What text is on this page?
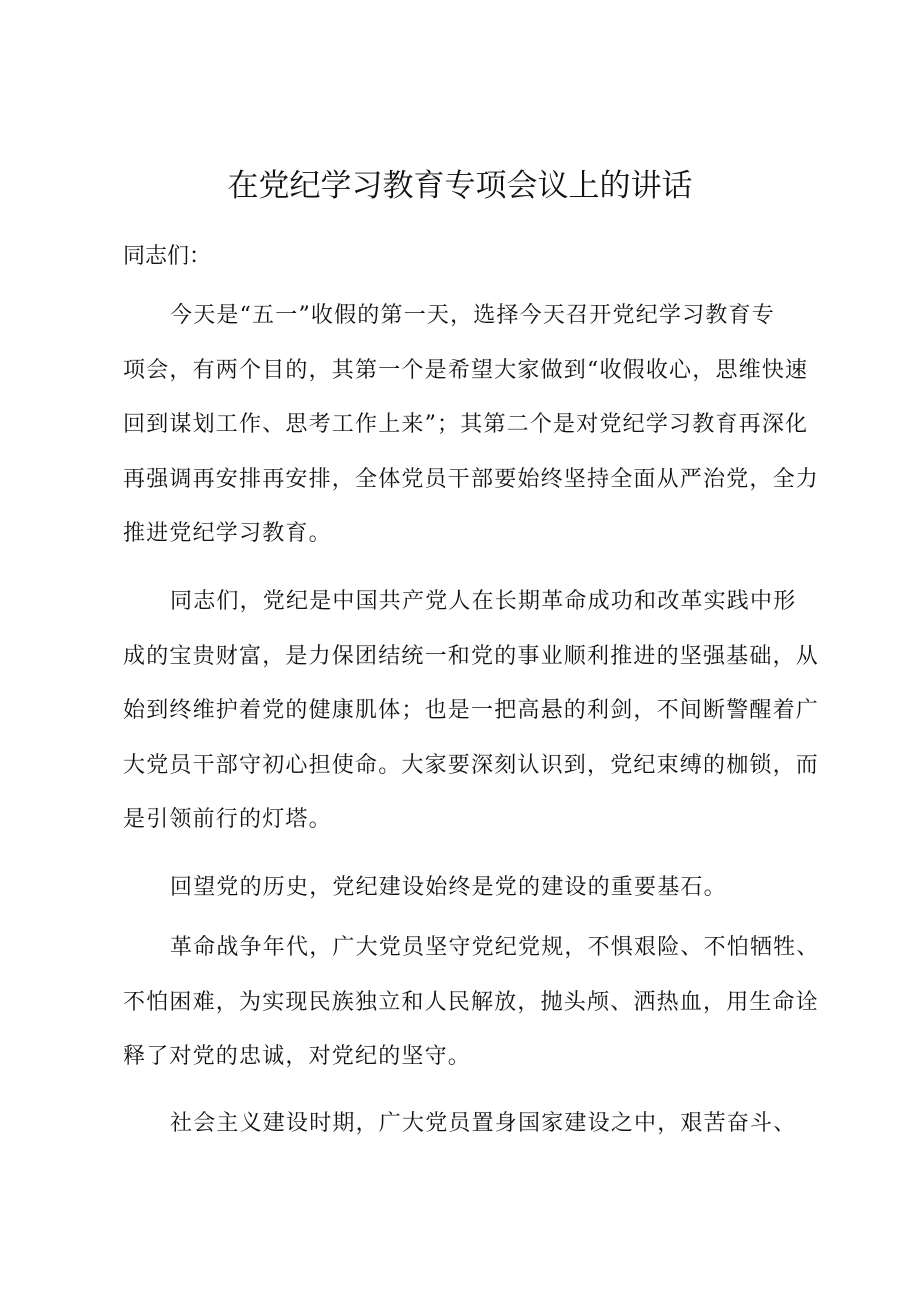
在党纪学习教育专项会议上的讲话
同志们：
今天是“五一”收假的第一天，选择今天召开党纪学习教育专
项会，有两个目的，其第一个是希望大家做到“收假收心，思维快速
回到谋划工作、思考工作上来”；其第二个是对党纪学习教育再深化
再强调再安排再安排，全体党员干部要始终坚持全面从严治党，全力
推进党纪学习教育。
同志们，党纪是中国共产党人在长期革命成功和改革实践中形
成的宝贵财富，是力保团结统一和党的事业顺利推进的坚强基础，从
始到终维护着党的健康肌体；也是一把高悬的利剑，不间断警醒着广
大党员干部守初心担使命。大家要深刻认识到，党纪束缚的枷锁，而
是引领前行的灯塔。
回望党的历史，党纪建设始终是党的建设的重要基石。
革命战争年代，广大党员坚守党纪党规，不惧艰险、不怕牺牲、
不怕困难，为实现民族独立和人民解放，抛头颅、洒热血，用生命诠
释了对党的忠诚，对党纪的坚守。
社会主义建设时期，广大党员置身国家建设之中，艰苦奋斗、
